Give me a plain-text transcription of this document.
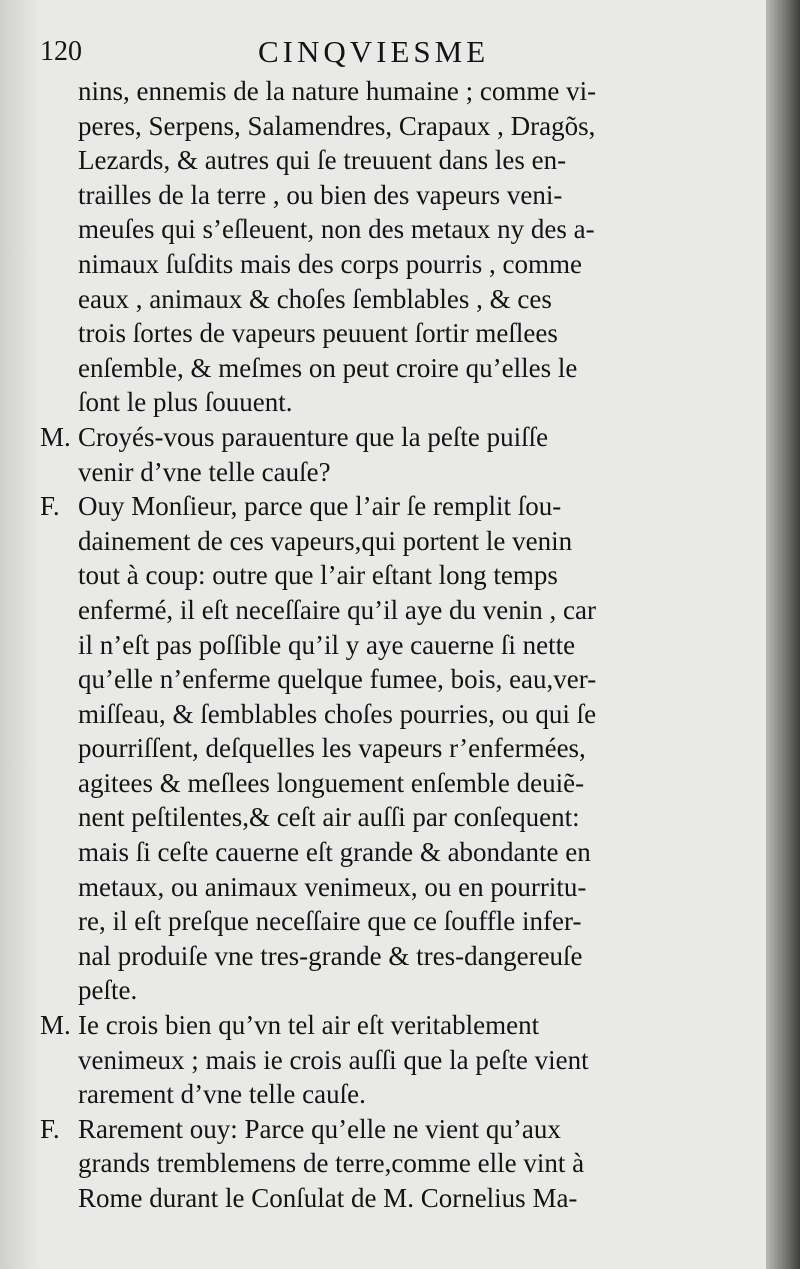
120	CINQVIESME
nins, ennemis de la nature humaine ; comme vi-
peres, Serpens, Salamendres, Crapaux , Dragõs,
Lezards, & autres qui ſe treuuent dans les en-
trailles de la terre , ou bien des vapeurs veni-
meuſes qui s’eſleuent, non des metaux ny des a-
nimaux ſuſdits mais des corps pourris , comme
eaux , animaux & choſes ſemblables , & ces
trois ſortes de vapeurs peuuent ſortir meſlees
enſemble, & meſmes on peut croire qu’elles le
ſont le plus ſouuent.
M. Croyés-vous parauenture que la peſte puiſſe
venir d’vne telle cauſe?
F. Ouy Monſieur, parce que l’air ſe remplit ſou-
dainement de ces vapeurs,qui portent le venin
tout à coup: outre que l’air eſtant long temps
enfermé, il eſt neceſſaire qu’il aye du venin , car
il n’eſt pas poſſible qu’il y aye cauerne ſi nette
qu’elle n’enferme quelque fumee, bois, eau,ver-
miſſeau, & ſemblables choſes pourries, ou qui ſe
pourriſſent, deſquelles les vapeurs r’enfermées,
agitees & meſlees longuement enſemble deuiẽ-
nent peſtilentes,& ceſt air auſſi par conſequent:
mais ſi ceſte cauerne eſt grande & abondante en
metaux, ou animaux venimeux, ou en pourritu-
re, il eſt preſque neceſſaire que ce ſouffle infer-
nal produiſe vne tres-grande & tres-dangereuſe
peſte.
M. Ie crois bien qu’vn tel air eſt veritablement
venimeux ; mais ie crois auſſi que la peſte vient
rarement d’vne telle cauſe.
F. Rarement ouy: Parce qu’elle ne vient qu’aux
grands tremblemens de terre,comme elle vint à
Rome durant le Conſulat de M. Cornelius Ma-
